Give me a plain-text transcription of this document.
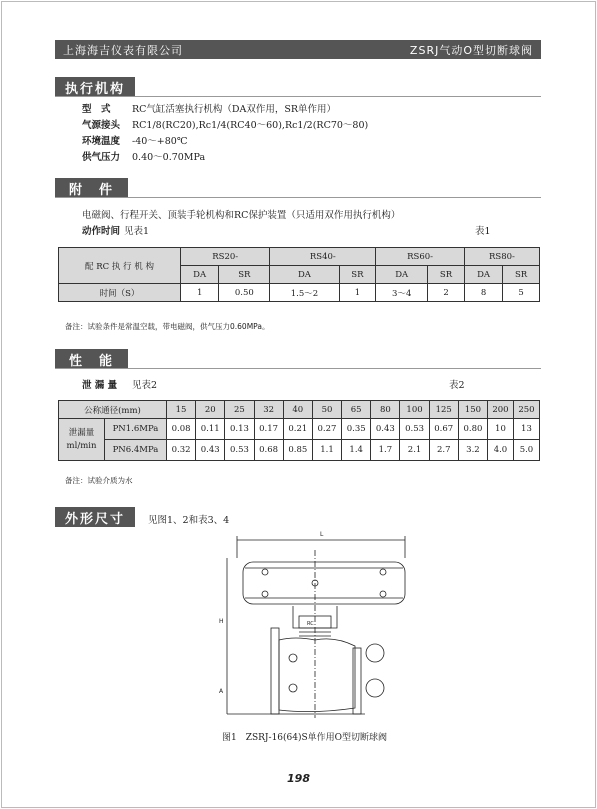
上海海吉仪表有限公司	ZSRJ气动O型切断球阀
执行机构
型　式 RC气缸活塞执行机构（DA双作用，SR单作用）
气源接头 RC1/8(RC20),Rc1/4(RC40～60),Rc1/2(RC70～80)
环境温度 -40～+80℃
供气压力 0.40～0.70MPa
附　件
电磁阀、行程开关、顶装手轮机构和RC保护装置（只适用双作用执行机构）
动作时间 见表1	表1
配 RC 执 行 机 构	RS20-		RS40-		RS60-		RS80-	
	DA	SR	DA	SR	DA	SR	DA	SR
时间（S）	1	0.50	1.5～2	1	3～4	2	8	5
备注：试验条件是常温空载，带电磁阀，供气压力0.60MPa。
性　能
泄 漏 量 见表2	表2
公称通径(mm)		15	20	25	32	40	50	65	80	100	125	150	200	250

泄漏量
ml/min	PN1.6MPa	0.08	0.11	0.13	0.17	0.21	0.27	0.35	0.43	0.53	0.67	0.80	10	13
	PN6.4MPa	0.32	0.43	0.53	0.68	0.85	1.1	1.4	1.7	2.1	2.7	3.2	4.0	5.0
备注：试验介质为水
外形尺寸	见图1、2和表3、4
L
RC
H
A
图1　ZSRJ-16(64)S单作用O型切断球阀
198
